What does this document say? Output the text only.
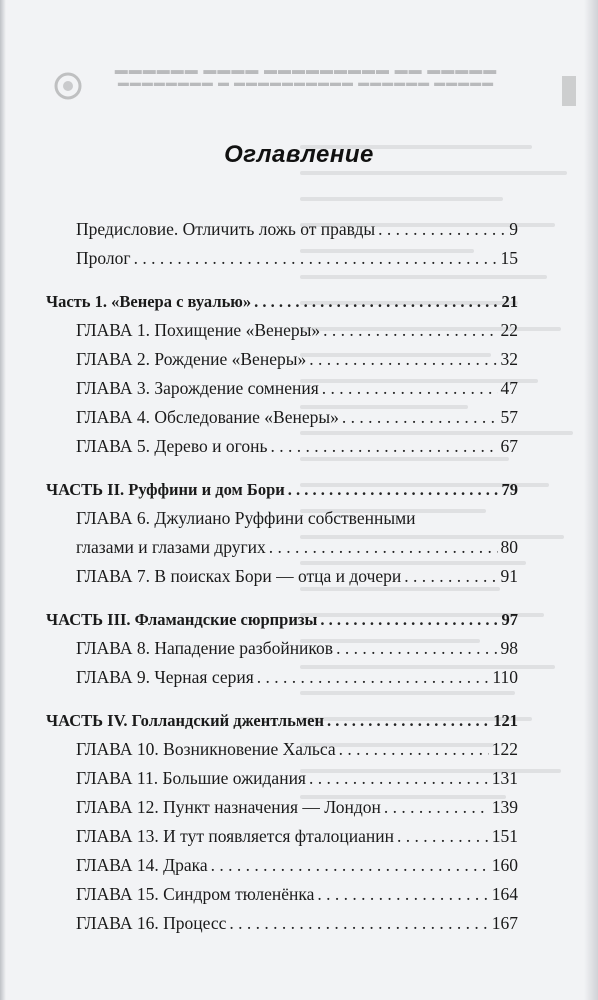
▬▬▬▬▬ ▬▬ ▬▬▬▬▬▬▬▬▬ ▬▬▬▬ ▬▬▬▬▬▬
▬▬▬▬▬ ▬▬▬▬▬▬ ▬▬▬▬▬▬▬▬▬▬ ▬ ▬▬▬▬▬▬▬▬
Оглавление
Предисловие. Отличить ложь от правды . . .	9
Пролог . . .	15
Часть 1. «Венера с вуалью» . . .	21
ГЛАВА 1. Похищение «Венеры» . . .	22
ГЛАВА 2. Рождение «Венеры» . . .	32
ГЛАВА 3. Зарождение сомнения . . .	47
ГЛАВА 4. Обследование «Венеры» . . .	57
ГЛАВА 5. Дерево и огонь . . .	67
ЧАСТЬ II. Руффини и дом Бори . . .	79
ГЛАВА 6. Джулиано Руффини собственными
глазами и глазами других . . .	80
ГЛАВА 7. В поисках Бори — отца и дочери . . .	91
ЧАСТЬ III. Фламандские сюрпризы . . .	97
ГЛАВА 8. Нападение разбойников . . .	98
ГЛАВА 9. Черная серия . . .	110
ЧАСТЬ IV. Голландский джентльмен . . .	121
ГЛАВА 10. Возникновение Хальса . . .	122
ГЛАВА 11. Большие ожидания . . .	131
ГЛАВА 12. Пункт назначения — Лондон . . .	139
ГЛАВА 13. И тут появляется фталоцианин . . .	151
ГЛАВА 14. Драка . . .	160
ГЛАВА 15. Синдром тюленёнка . . .	164
ГЛАВА 16. Процесс . . .	167
